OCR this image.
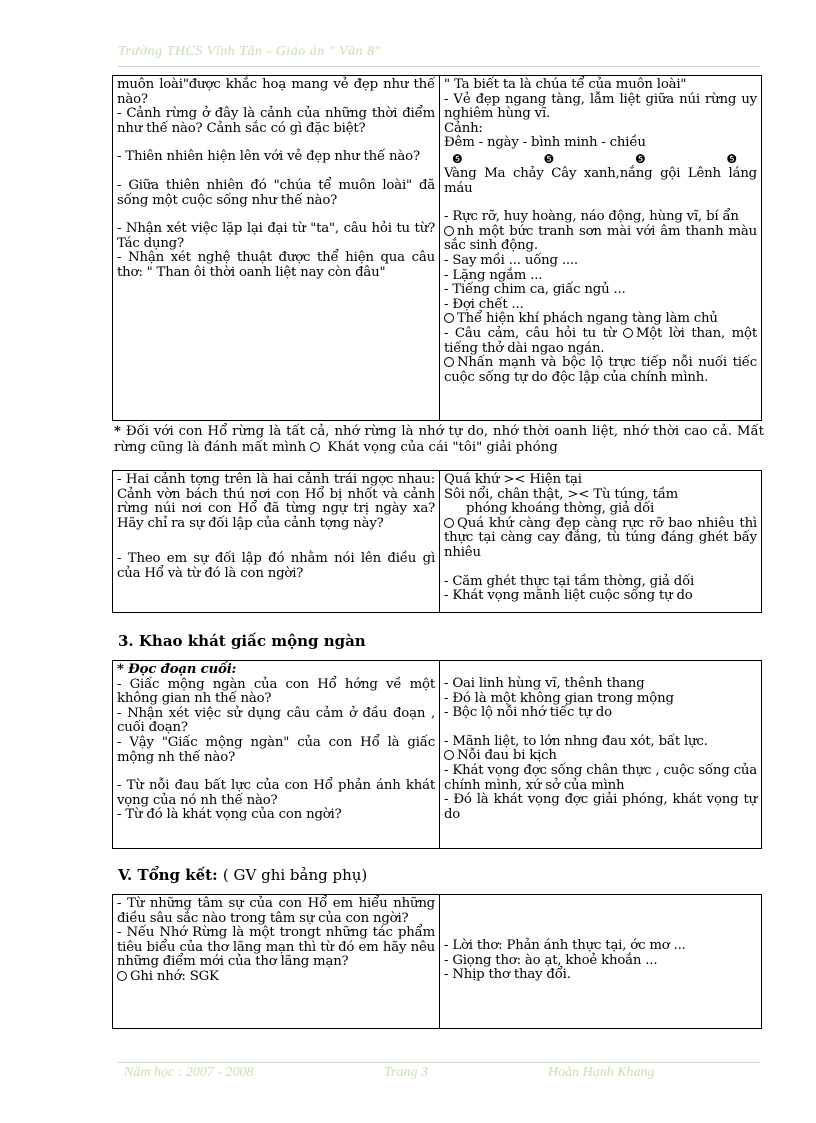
Trường THCS Vĩnh Tân - Giáo án " Văn 8"
muôn loài"được khắc hoạ mang vẻ đẹp như thế nào?
- Cảnh rừng ở đây là cảnh của những thời điểm như thế nào? Cảnh sắc có gì đặc biệt?
- Thiên nhiên hiện lên với vẻ đẹp như thế nào?
- Giữa thiên nhiên đó "chúa tể muôn loài" đã sống một cuộc sống như thế nào?
- Nhận xét việc lặp lại đại từ "ta", câu hỏi tu từ? Tác dụng?
- Nhận xét nghệ thuật được thể hiện qua câu thơ: " Than ôi thời oanh liệt nay còn đâu"

" Ta biết ta là chúa tể của muôn loài"
- Vẻ đẹp ngang tàng, lẫm liệt giữa núi rừng uy nghiêm hùng vĩ.
Cảnh:
Đêm - ngày - bình minh - chiều
❺	❺	❺	❺
Vàng Ma chảy Cây xanh,nắng gội Lênh láng máu
- Rực rỡ, huy hoàng, náo động, hùng vĩ, bí ẩn
nh một bức tranh sơn mài với âm thanh màu sắc sinh động.
- Say mồi ... uống ....
- Lặng ngắm ...
- Tiếng chim ca, giấc ngủ ...
- Đợi chết ...
Thể hiện khí phách ngang tàng làm chủ
- Câu cảm, câu hỏi tu từ Một lời than, một tiếng thở dài ngao ngán.
Nhấn mạnh và bộc lộ trực tiếp nỗi nuối tiếc cuộc sống tự do độc lập của chính mình.
* Đối với con Hổ rừng là tất cả, nhớ rừng là nhớ tự do, nhớ thời oanh liệt, nhớ thời cao cả. Mất rừng cũng là đánh mất mình Khát vọng của cái "tôi" giải phóng
- Hai cảnh tợng trên là hai cảnh trái ngợc nhau: Cảnh vờn bách thú nơi con Hổ bị nhốt và cảnh rừng núi nơi con Hổ đã từng ngự trị ngày xa? Hãy chỉ ra sự đối lập của cảnh tợng này?
- Theo em sự đối lập đó nhằm nói lên điều gì của Hổ và từ đó là con ngời?

Quá khứ >< Hiện tại
Sôi nổi, chân thật, >< Tù túng, tầm
phóng khoáng thờng, giả dối
Quá khứ càng đẹp càng rực rỡ bao nhiêu thì thực tại càng cay đắng, tù túng đáng ghét bấy nhiêu
- Căm ghét thực tại tầm thờng, giả dối
- Khát vọng mãnh liệt cuộc sống tự do
3. Khao khát giấc mộng ngàn
* Đọc đoạn cuối:
- Giấc mộng ngàn của con Hổ hớng về một không gian nh thế nào?
- Nhận xét việc sử dụng câu cảm ở đầu đoạn , cuối đoạn?
- Vậy "Giấc mộng ngàn" của con Hổ là giấc mộng nh thế nào?
- Từ nỗi đau bất lực của con Hổ phản ánh khát vọng của nó nh thế nào?
- Từ đó là khát vọng của con ngời?

- Oai linh hùng vĩ, thênh thang
- Đó là một không gian trong mộng
- Bộc lộ nỗi nhớ tiếc tự do
- Mãnh liệt, to lớn nhng đau xót, bất lực.
Nỗi đau bi kịch
- Khát vọng đợc sống chân thực , cuộc sống của chính mình, xứ sở của mình
- Đó là khát vọng đợc giải phóng, khát vọng tự do
V. Tổng kết: ( GV ghi bảng phụ)
- Từ những tâm sự của con Hổ em hiểu những điều sâu sắc nào trong tâm sự của con ngời?
- Nếu Nhớ Rừng là một trongt những tác phẩm tiêu biểu của thơ lãng mạn thì từ đó em hãy nêu những điểm mới của thơ lãng mạn?
Ghi nhớ: SGK

- Lời thơ: Phản ánh thực tại, ớc mơ ...
- Giọng thơ: ào ạt, khoẻ khoắn ...
- Nhịp thơ thay đổi.
Năm học : 2007 - 2008	Trang 3	Hoàn Hạnh Khang
